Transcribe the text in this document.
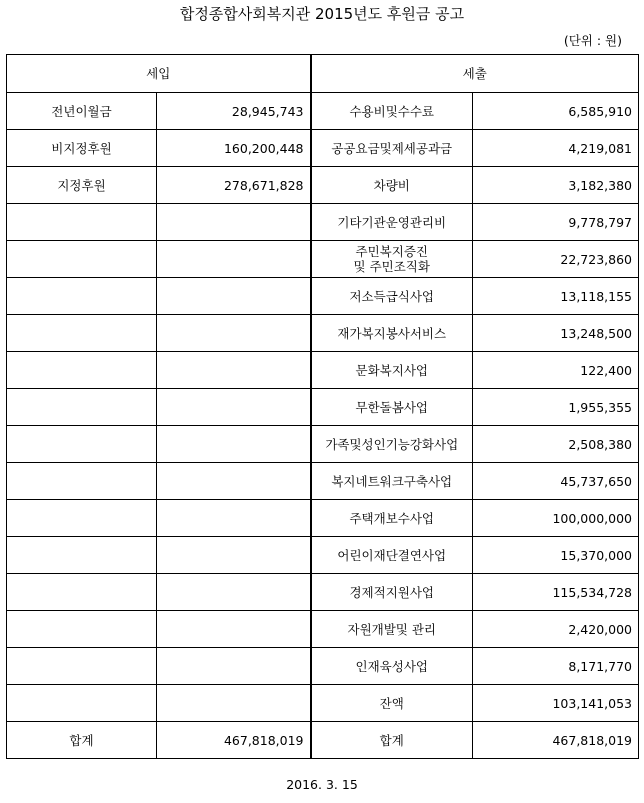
합정종합사회복지관 2015년도 후원금 공고
(단위 : 원)
세입		세출	
전년이월금	28,945,743	수용비및수수료	6,585,910
비지정후원	160,200,448	공공요금및제세공과금	4,219,081
지정후원	278,671,828	차량비	3,182,380
		기타기관운영관리비	9,778,797

		주민복지증진
및 주민조직화	22,723,860
		저소득급식사업	13,118,155
		재가복지봉사서비스	13,248,500
		문화복지사업	122,400
		무한돌봄사업	1,955,355
		가족및성인기능강화사업	2,508,380
		복지네트워크구축사업	45,737,650
		주택개보수사업	100,000,000
		어린이재단결연사업	15,370,000
		경제적지원사업	115,534,728
		자원개발및 관리	2,420,000
		인재육성사업	8,171,770
		잔액	103,141,053
합계	467,818,019	합계	467,818,019
2016. 3. 15
